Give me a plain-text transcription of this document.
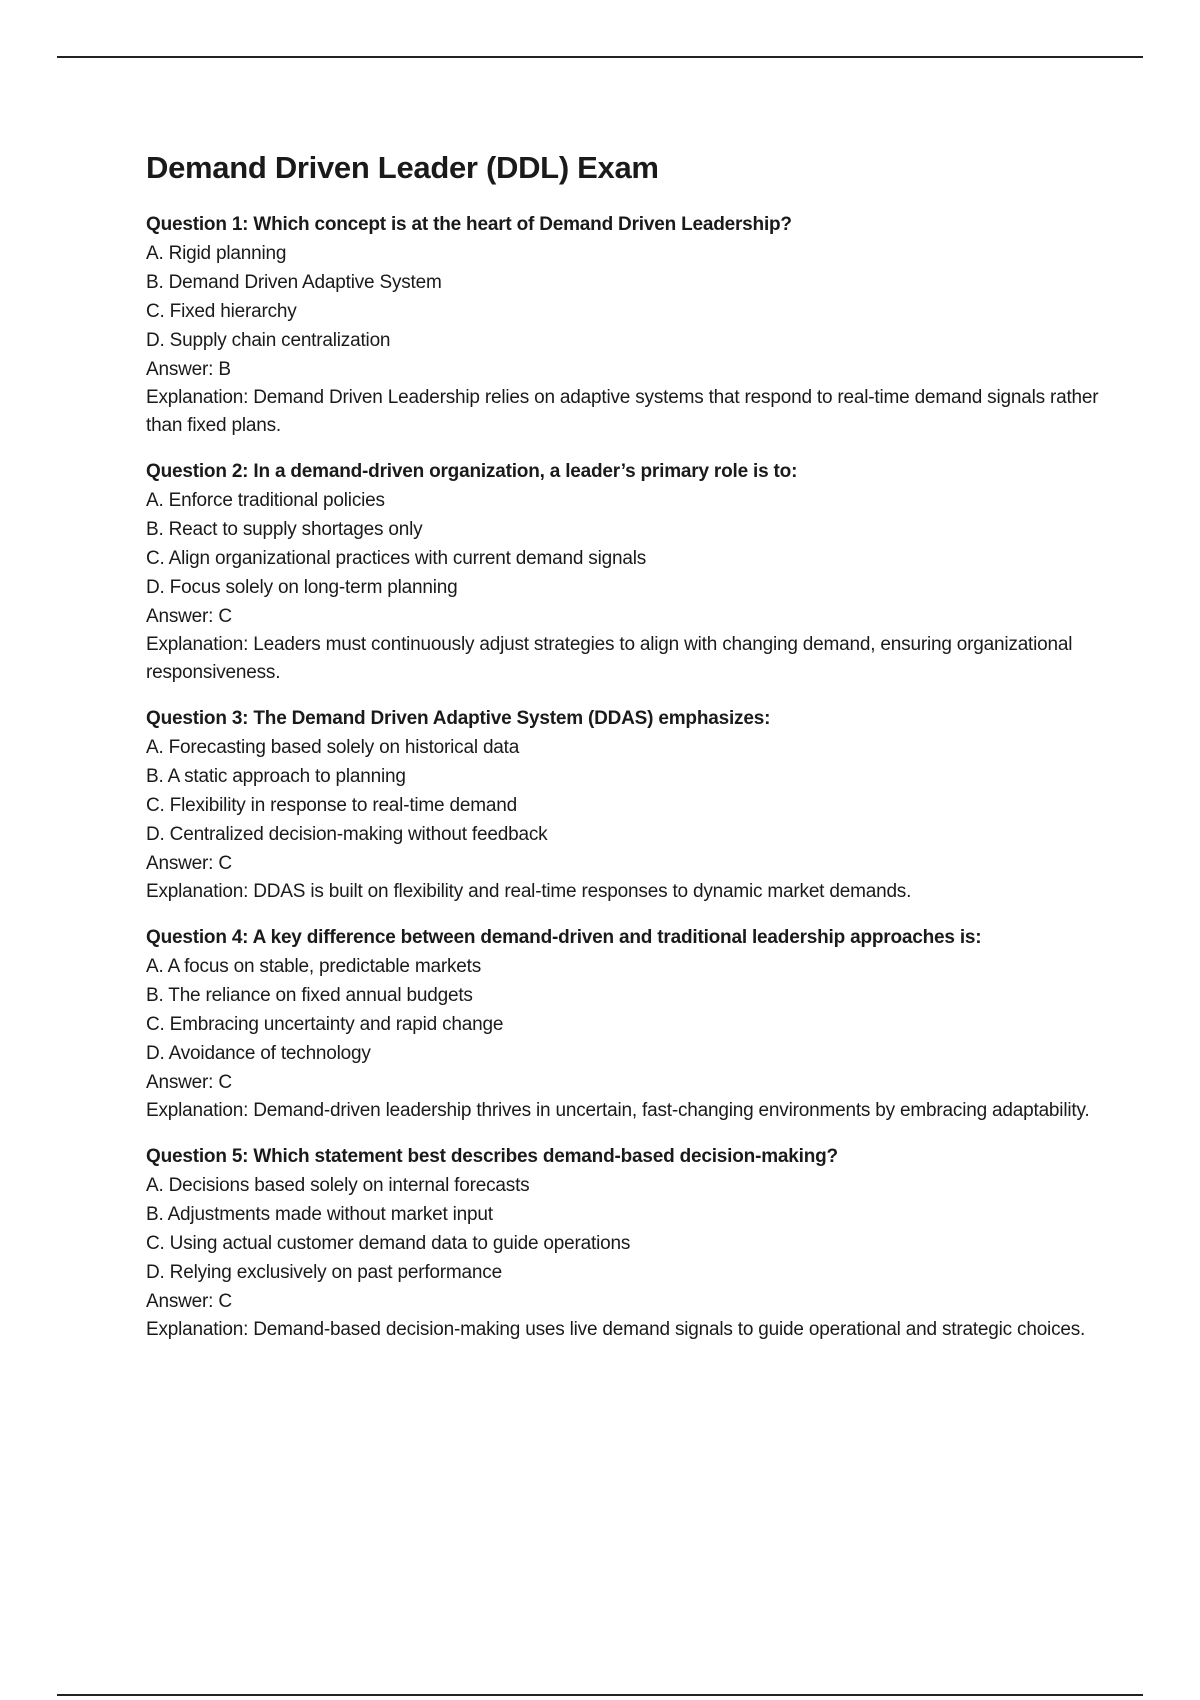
Demand Driven Leader (DDL) Exam
Question 1: Which concept is at the heart of Demand Driven Leadership?
A. Rigid planning
B. Demand Driven Adaptive System
C. Fixed hierarchy
D. Supply chain centralization
Answer: B
Explanation: Demand Driven Leadership relies on adaptive systems that respond to real-time demand signals rather than fixed plans.
Question 2: In a demand-driven organization, a leader’s primary role is to:
A. Enforce traditional policies
B. React to supply shortages only
C. Align organizational practices with current demand signals
D. Focus solely on long-term planning
Answer: C
Explanation: Leaders must continuously adjust strategies to align with changing demand, ensuring organizational responsiveness.
Question 3: The Demand Driven Adaptive System (DDAS) emphasizes:
A. Forecasting based solely on historical data
B. A static approach to planning
C. Flexibility in response to real-time demand
D. Centralized decision-making without feedback
Answer: C
Explanation: DDAS is built on flexibility and real-time responses to dynamic market demands.
Question 4: A key difference between demand-driven and traditional leadership approaches is:
A. A focus on stable, predictable markets
B. The reliance on fixed annual budgets
C. Embracing uncertainty and rapid change
D. Avoidance of technology
Answer: C
Explanation: Demand-driven leadership thrives in uncertain, fast-changing environments by embracing adaptability.
Question 5: Which statement best describes demand-based decision-making?
A. Decisions based solely on internal forecasts
B. Adjustments made without market input
C. Using actual customer demand data to guide operations
D. Relying exclusively on past performance
Answer: C
Explanation: Demand-based decision-making uses live demand signals to guide operational and strategic choices.
